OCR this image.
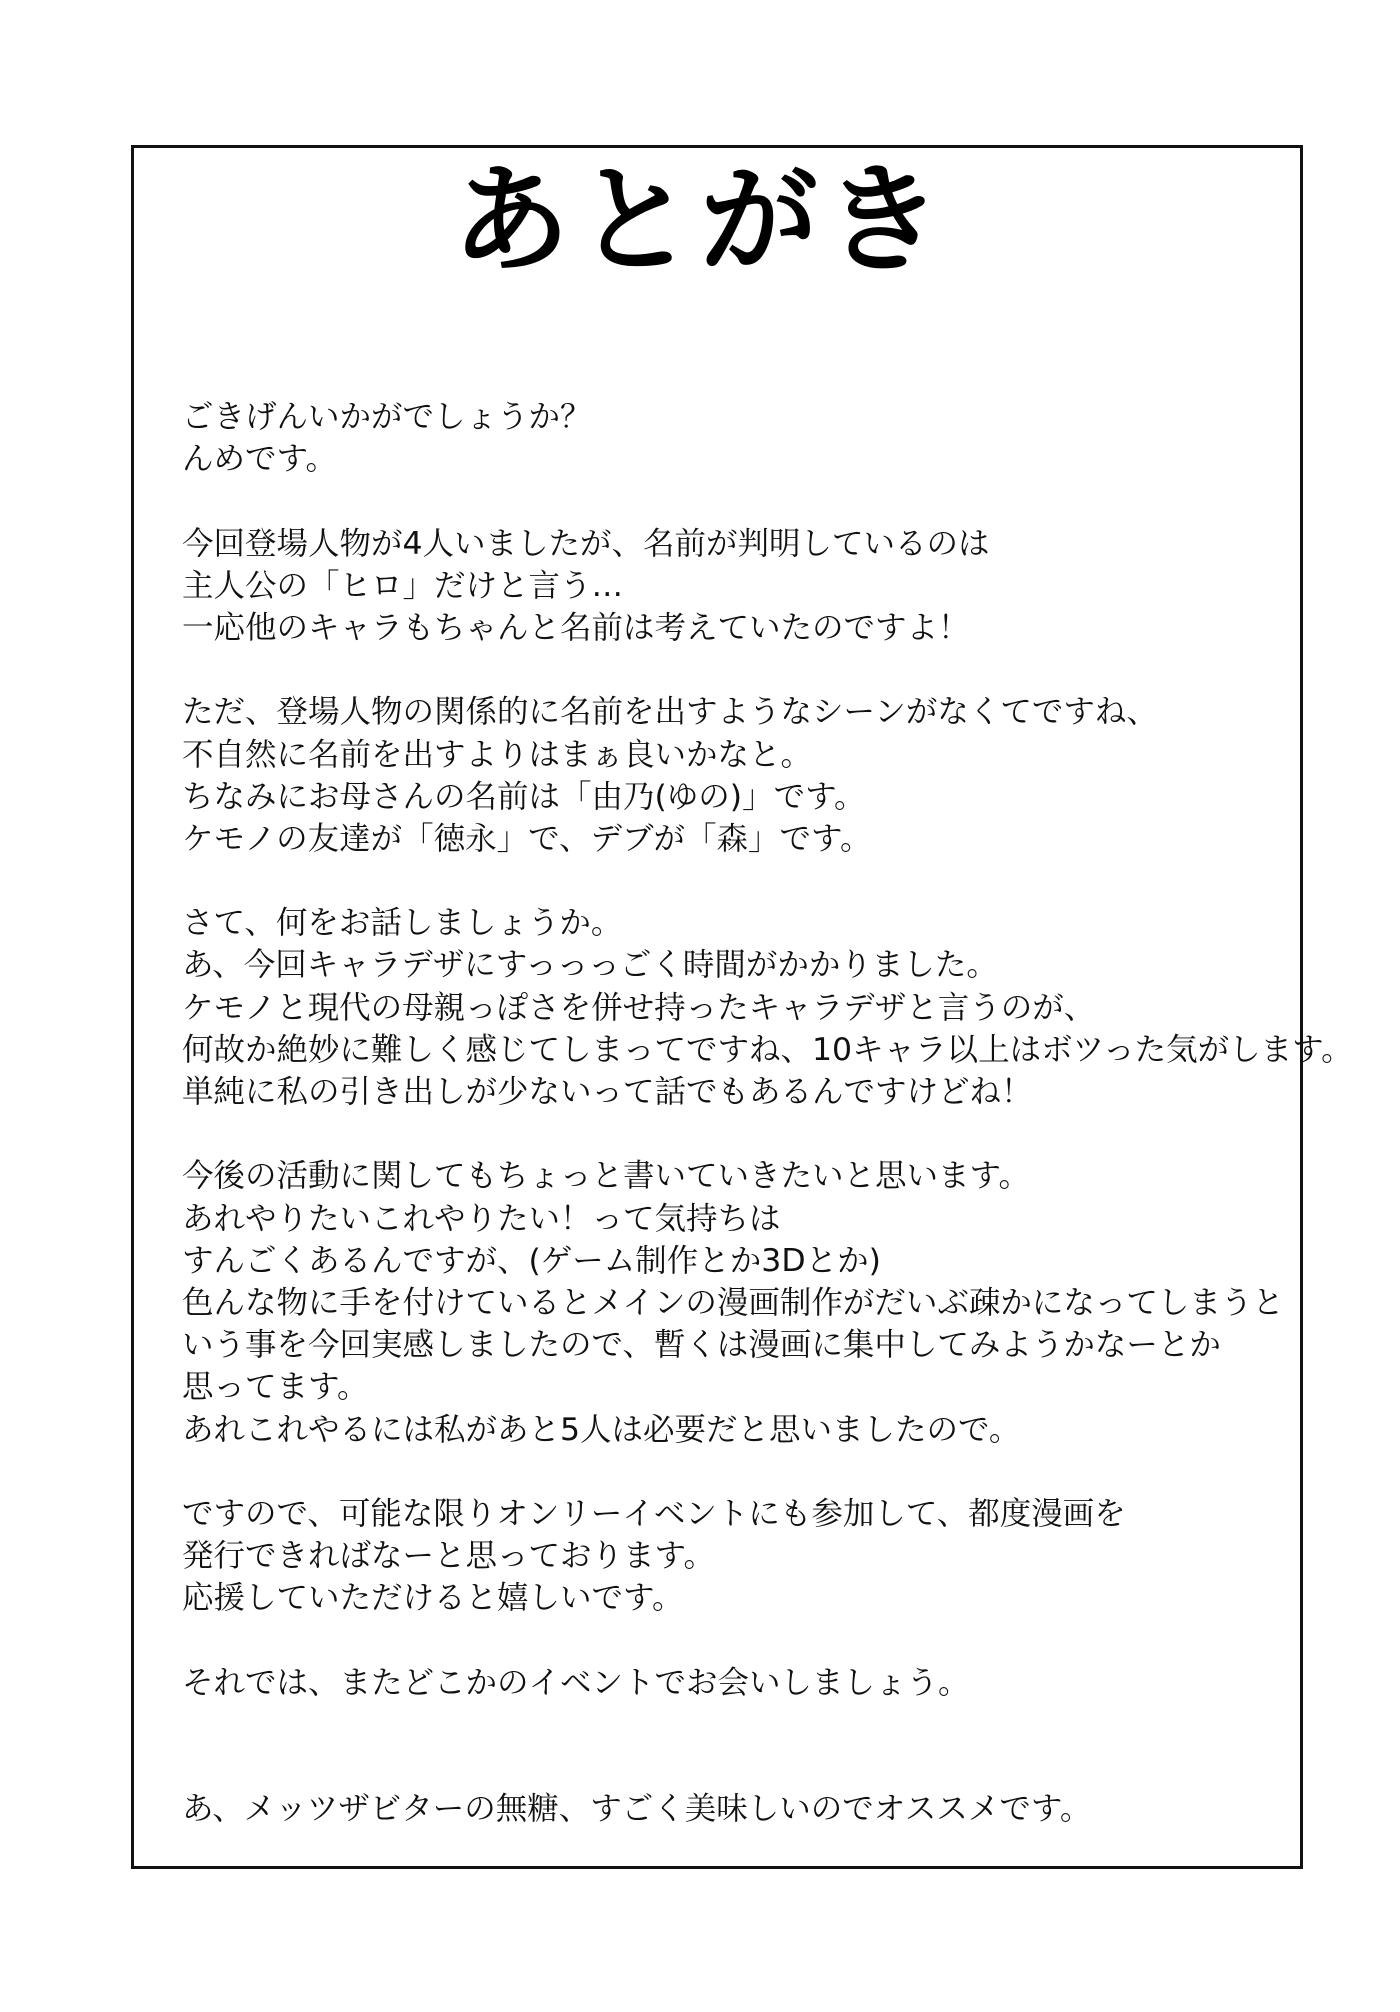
あとがき
ごきげんいかがでしょうか？
んめです。
今回登場人物が4人いましたが、名前が判明しているのは
主人公の「ヒロ」だけと言う…
一応他のキャラもちゃんと名前は考えていたのですよ！
ただ、登場人物の関係的に名前を出すようなシーンがなくてですね、
不自然に名前を出すよりはまぁ良いかなと。
ちなみにお母さんの名前は「由乃(ゆの)」です。
ケモノの友達が「徳永」で、デブが「森」です。
さて、何をお話しましょうか。
あ、今回キャラデザにすっっっごく時間がかかりました。
ケモノと現代の母親っぽさを併せ持ったキャラデザと言うのが、
何故か絶妙に難しく感じてしまってですね、10キャラ以上はボツった気がします。
単純に私の引き出しが少ないって話でもあるんですけどね！
今後の活動に関してもちょっと書いていきたいと思います。
あれやりたいこれやりたい！って気持ちは
すんごくあるんですが、(ゲーム制作とか3Dとか)
色んな物に手を付けているとメインの漫画制作がだいぶ疎かになってしまうと
いう事を今回実感しましたので、暫くは漫画に集中してみようかなーとか
思ってます。
あれこれやるには私があと5人は必要だと思いましたので。
ですので、可能な限りオンリーイベントにも参加して、都度漫画を
発行できればなーと思っております。
応援していただけると嬉しいです。
それでは、またどこかのイベントでお会いしましょう。
あ、メッツザビターの無糖、すごく美味しいのでオススメです。
